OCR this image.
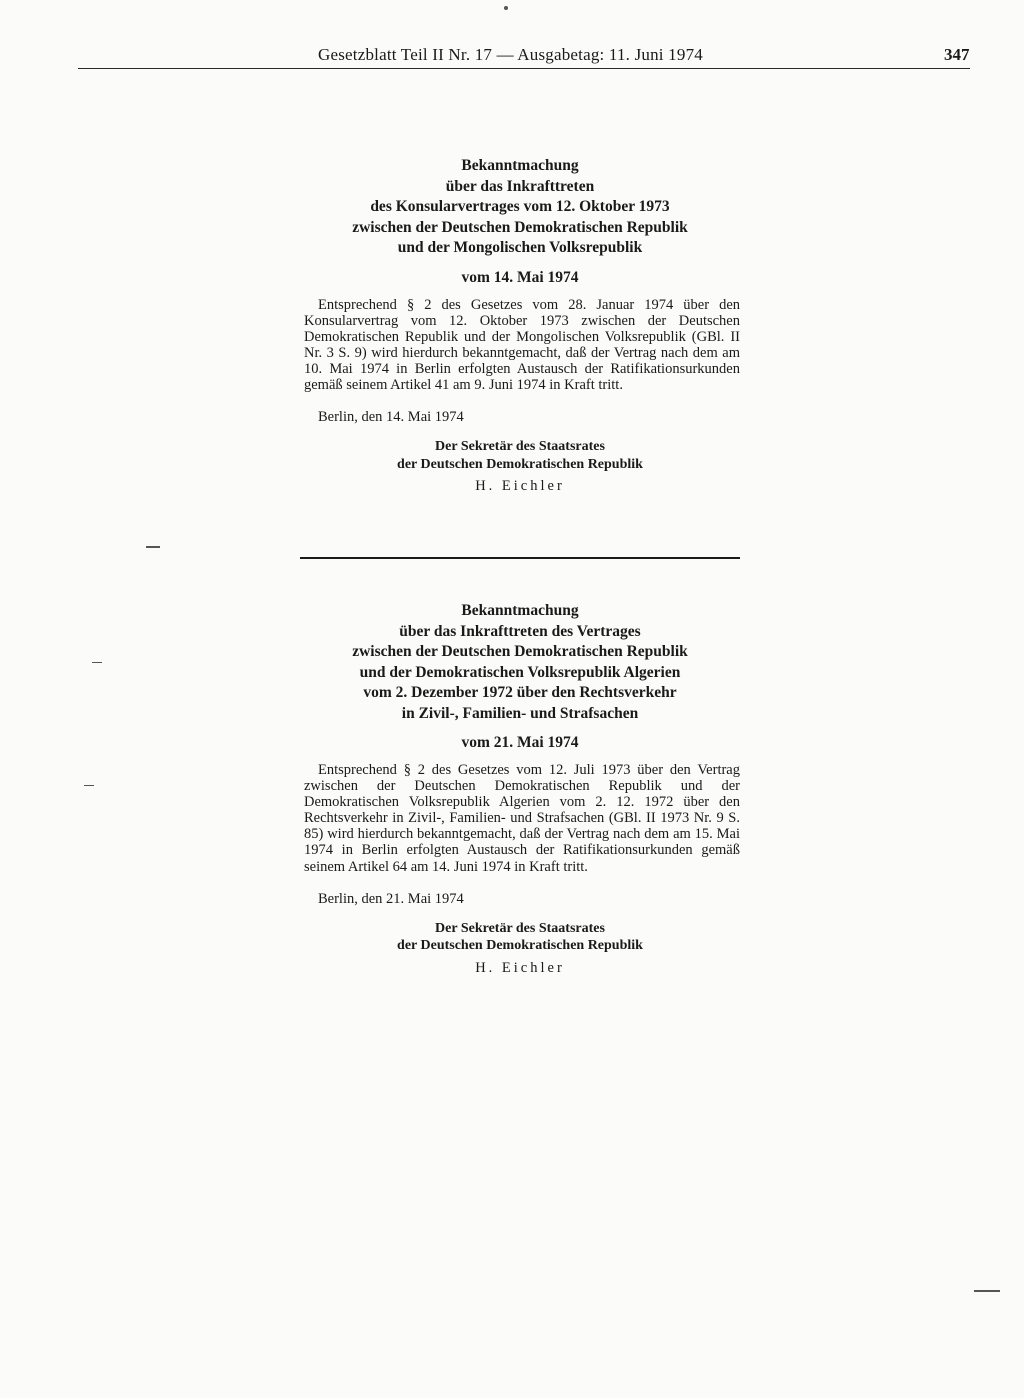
Gesetzblatt Teil II Nr. 17 — Ausgabetag: 11. Juni 1974	347
Bekanntmachung
über das Inkrafttreten
des Konsularvertrages vom 12. Oktober 1973
zwischen der Deutschen Demokratischen Republik
und der Mongolischen Volksrepublik
vom 14. Mai 1974
Entsprechend § 2 des Gesetzes vom 28. Januar 1974 über den Konsularvertrag vom 12. Oktober 1973 zwischen der Deutschen Demokratischen Republik und der Mongolischen Volksrepublik (GBl. II Nr. 3 S. 9) wird hierdurch bekanntgemacht, daß der Vertrag nach dem am 10. Mai 1974 in Berlin erfolgten Austausch der Ratifikationsurkunden gemäß seinem Artikel 41 am 9. Juni 1974 in Kraft tritt.
Berlin, den 14. Mai 1974
Der Sekretär des Staatsrates
der Deutschen Demokratischen Republik
H. Eichler
Bekanntmachung
über das Inkrafttreten des Vertrages
zwischen der Deutschen Demokratischen Republik
und der Demokratischen Volksrepublik Algerien
vom 2. Dezember 1972 über den Rechtsverkehr
in Zivil-, Familien- und Strafsachen
vom 21. Mai 1974
Entsprechend § 2 des Gesetzes vom 12. Juli 1973 über den Vertrag zwischen der Deutschen Demokratischen Republik und der Demokratischen Volksrepublik Algerien vom 2. 12. 1972 über den Rechtsverkehr in Zivil-, Familien- und Strafsachen (GBl. II 1973 Nr. 9 S. 85) wird hierdurch bekanntgemacht, daß der Vertrag nach dem am 15. Mai 1974 in Berlin erfolgten Austausch der Ratifikationsurkunden gemäß seinem Artikel 64 am 14. Juni 1974 in Kraft tritt.
Berlin, den 21. Mai 1974
Der Sekretär des Staatsrates
der Deutschen Demokratischen Republik
H. Eichler
